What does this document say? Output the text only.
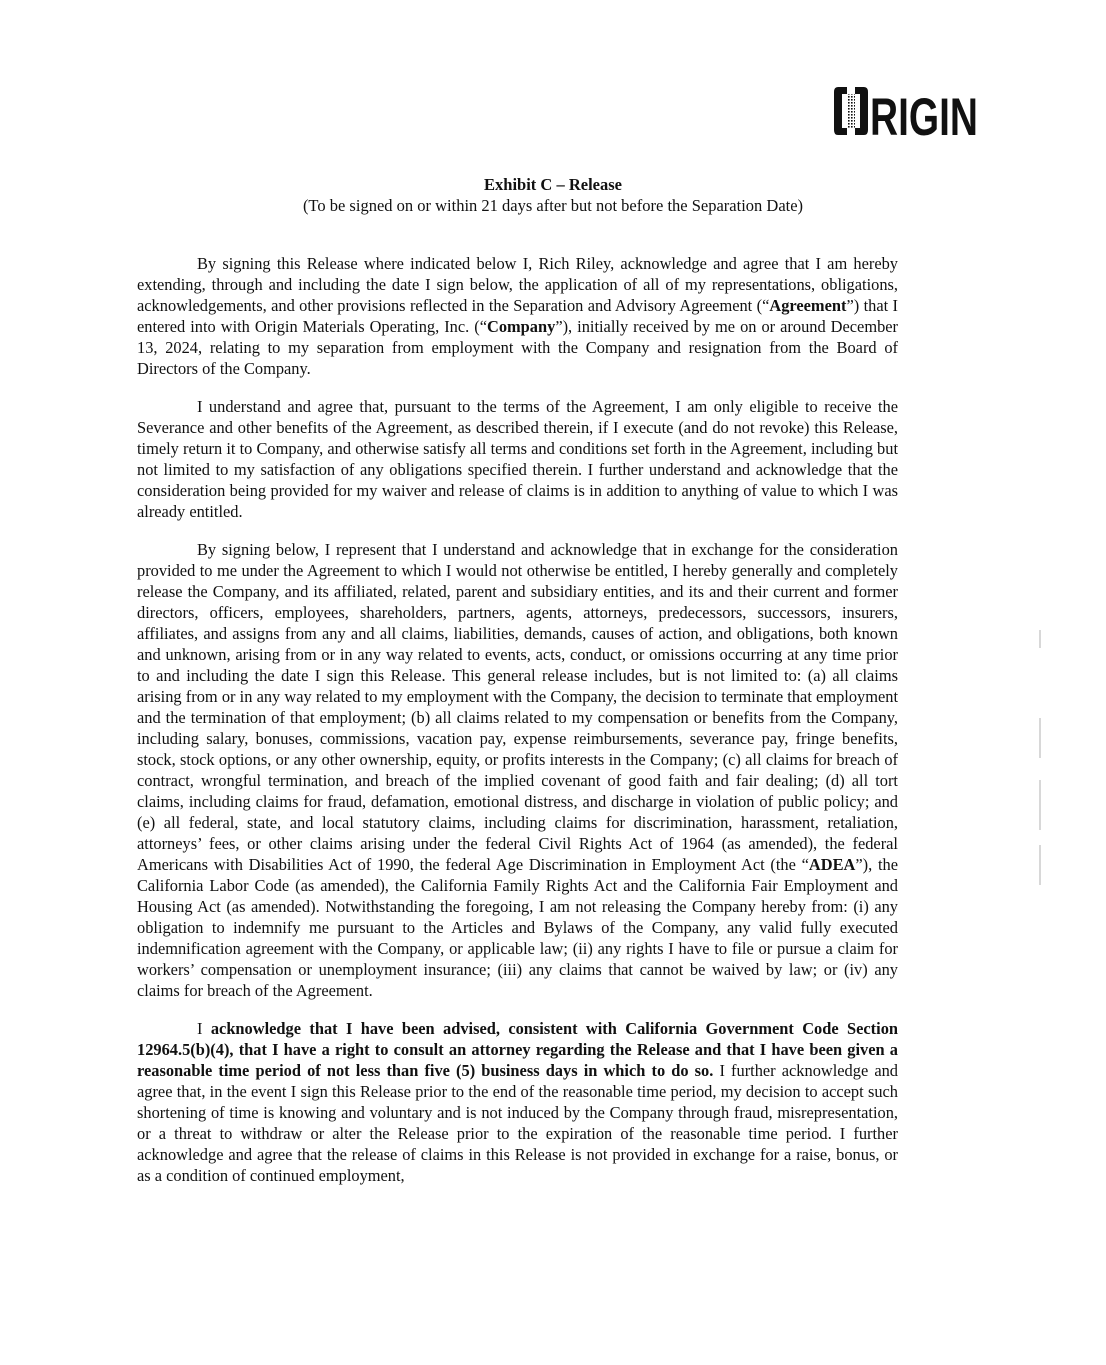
RIGIN
Exhibit C – Release
(To be signed on or within 21 days after but not before the Separation Date)

By signing this Release where indicated below I, Rich Riley, acknowledge and agree that I am hereby extending, through and including the date I sign below, the application of all of my representations, obligations, acknowledgements, and other provisions reflected in the Separation and Advisory Agreement (“Agreement”) that I entered into with Origin Materials Operating, Inc. (“Company”), initially received by me on or around December 13, 2024, relating to my separation from employment with the Company and resignation from the Board of Directors of the Company.

I understand and agree that, pursuant to the terms of the Agreement, I am only eligible to receive the Severance and other benefits of the Agreement, as described therein, if I execute (and do not revoke) this Release, timely return it to Company, and otherwise satisfy all terms and conditions set forth in the Agreement, including but not limited to my satisfaction of any obligations specified therein. I further understand and acknowledge that the consideration being provided for my waiver and release of claims is in addition to anything of value to which I was already entitled.

By signing below, I represent that I understand and acknowledge that in exchange for the consideration provided to me under the Agreement to which I would not otherwise be entitled, I hereby generally and completely release the Company, and its affiliated, related, parent and subsidiary entities, and its and their current and former directors, officers, employees, shareholders, partners, agents, attorneys, predecessors, successors, insurers, affiliates, and assigns from any and all claims, liabilities, demands, causes of action, and obligations, both known and unknown, arising from or in any way related to events, acts, conduct, or omissions occurring at any time prior to and including the date I sign this Release. This general release includes, but is not limited to: (a) all claims arising from or in any way related to my employment with the Company, the decision to terminate that employment and the termination of that employment; (b) all claims related to my compensation or benefits from the Company, including salary, bonuses, commissions, vacation pay, expense reimbursements, severance pay, fringe benefits, stock, stock options, or any other ownership, equity, or profits interests in the Company; (c) all claims for breach of contract, wrongful termination, and breach of the implied covenant of good faith and fair dealing; (d) all tort claims, including claims for fraud, defamation, emotional distress, and discharge in violation of public policy; and (e) all federal, state, and local statutory claims, including claims for discrimination, harassment, retaliation, attorneys’ fees, or other claims arising under the federal Civil Rights Act of 1964 (as amended), the federal Americans with Disabilities Act of 1990, the federal Age Discrimination in Employment Act (the “ADEA”), the California Labor Code (as amended), the California Family Rights Act and the California Fair Employment and Housing Act (as amended). Notwithstanding the foregoing, I am not releasing the Company hereby from: (i) any obligation to indemnify me pursuant to the Articles and Bylaws of the Company, any valid fully executed indemnification agreement with the Company, or applicable law; (ii) any rights I have to file or pursue a claim for workers’ compensation or unemployment insurance; (iii) any claims that cannot be waived by law; or (iv) any claims for breach of the Agreement.

I acknowledge that I have been advised, consistent with California Government Code Section 12964.5(b)(4), that I have a right to consult an attorney regarding the Release and that I have been given a reasonable time period of not less than five (5) business days in which to do so. I further acknowledge and agree that, in the event I sign this Release prior to the end of the reasonable time period, my decision to accept such shortening of time is knowing and voluntary and is not induced by the Company through fraud, misrepresentation, or a threat to withdraw or alter the Release prior to the expiration of the reasonable time period. I further acknowledge and agree that the release of claims in this Release is not provided in exchange for a raise, bonus, or as a condition of continued employment,
